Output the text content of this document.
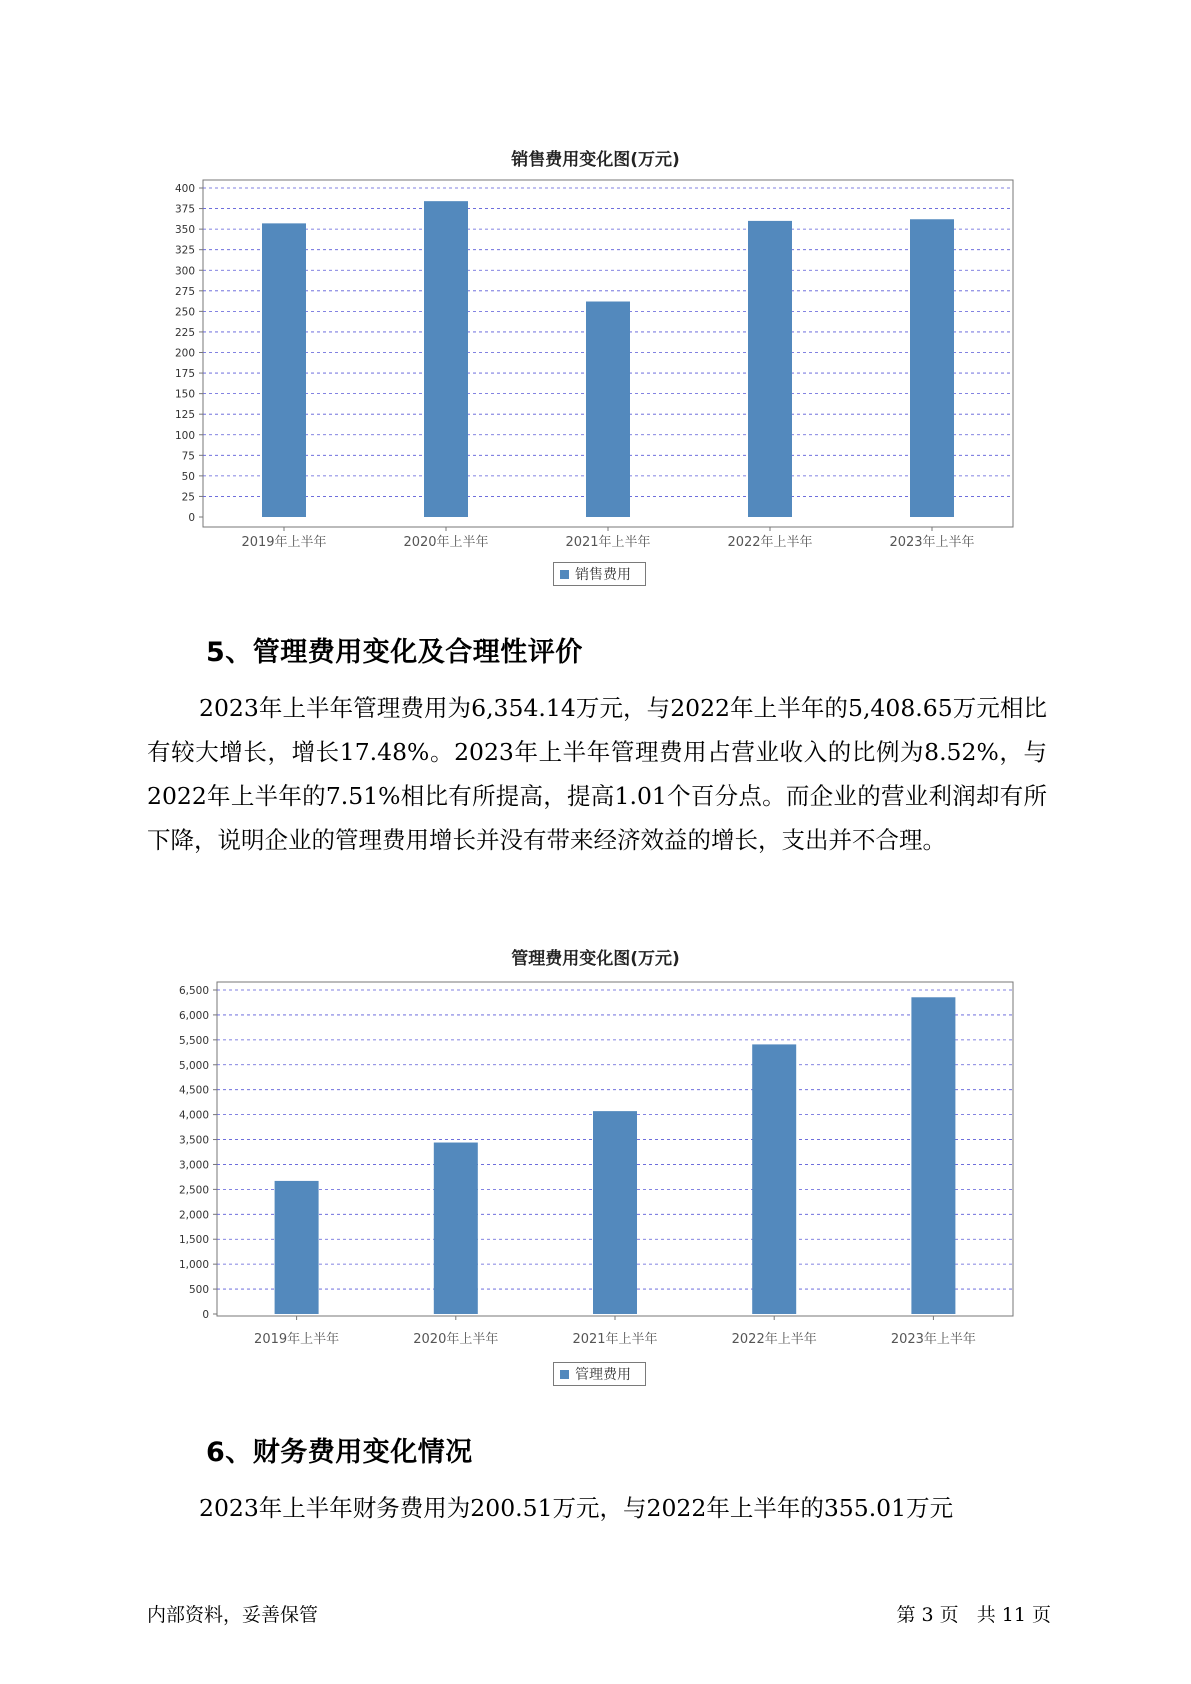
销售费用变化图(万元)
0
25
50
75
100
125
150
175
200
225
250
275
300
325
350
375
400
2019年上半年	2020年上半年	2021年上半年	2022年上半年	2023年上半年
销售费用
5、管理费用变化及合理性评价

2023年上半年管理费用为6,354.14万元，与2022年上半年的5,408.65万元相比有较大增长，增长17.48%。2023年上半年管理费用占营业收入的比例为8.52%，与2022年上半年的7.51%相比有所提高，提高1.01个百分点。而企业的营业利润却有所下降，说明企业的管理费用增长并没有带来经济效益的增长，支出并不合理。

管理费用变化图(万元)
0
500
1,000
1,500
2,000
2,500
3,000
3,500
4,000
4,500
5,000
5,500
6,000
6,500
2019年上半年	2020年上半年	2021年上半年	2022年上半年	2023年上半年
管理费用
6、财务费用变化情况

2023年上半年财务费用为200.51万元，与2022年上半年的355.01万元

内部资料，妥善保管	第 3 页   共 11 页
